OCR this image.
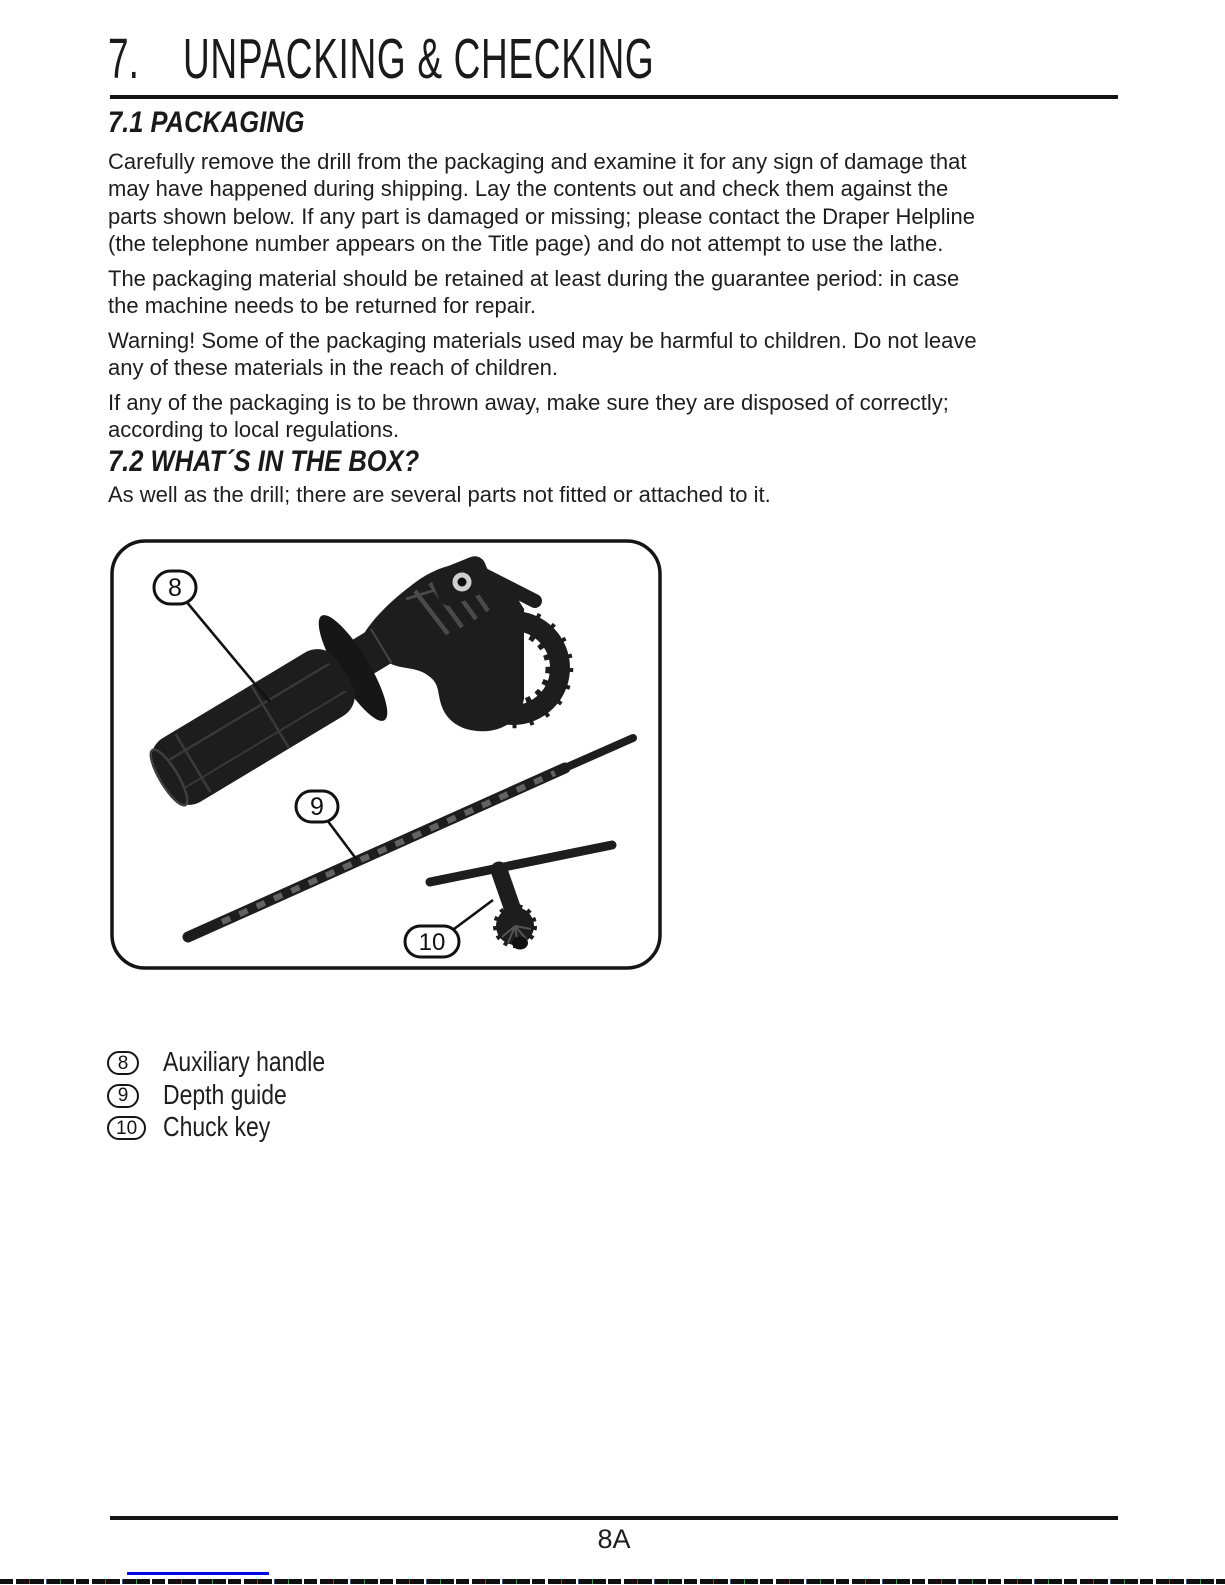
7. UNPACKING & CHECKING
7.1 PACKAGING

Carefully remove the drill from the packaging and examine it for any sign of damage that
may have happened during shipping. Lay the contents out and check them against the
parts shown below. If any part is damaged or missing; please contact the Draper Helpline
(the telephone number appears on the Title page) and do not attempt to use the lathe.

The packaging material should be retained at least during the guarantee period: in case
the machine needs to be returned for repair.

Warning! Some of the packaging materials used may be harmful to children. Do not leave
any of these materials in the reach of children.

If any of the packaging is to be thrown away, make sure they are disposed of correctly;
according to local regulations.

7.2 WHAT´S IN THE BOX?
As well as the drill; there are several parts not fitted or attached to it.
8
9
10
8	Auxiliary handle
9	Depth guide
10 Chuck key
8A
